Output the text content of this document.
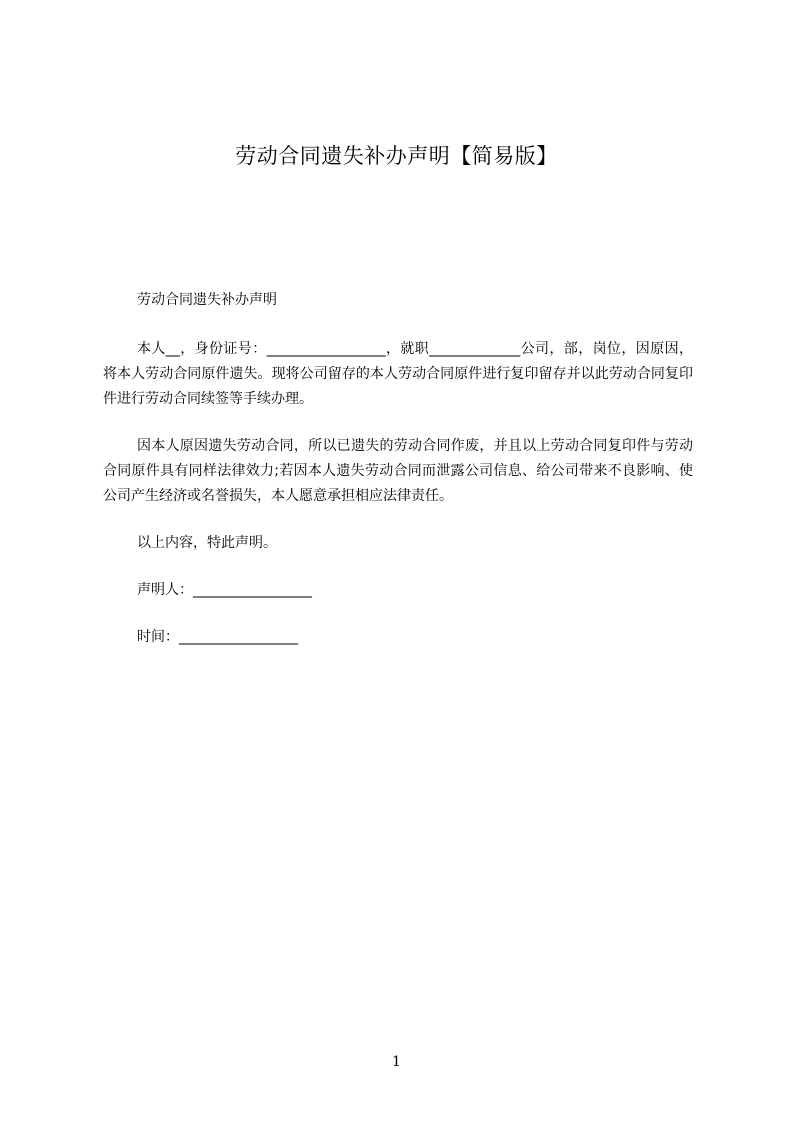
劳动合同遗失补办声明【简易版】

劳动合同遗失补办声明

本人__，身份证号：_________________，就职_____________公司，部，岗位，因原因，将本人劳动合同原件遗失。现将公司留存的本人劳动合同原件进行复印留存并以此劳动合同复印件进行劳动合同续签等手续办理。

因本人原因遗失劳动合同，所以已遗失的劳动合同作废，并且以上劳动合同复印件与劳动合同原件具有同样法律效力;若因本人遗失劳动合同而泄露公司信息、给公司带来不良影响、使公司产生经济或名誉损失，本人愿意承担相应法律责任。

以上内容，特此声明。

声明人：_________________

时间：_________________

1
